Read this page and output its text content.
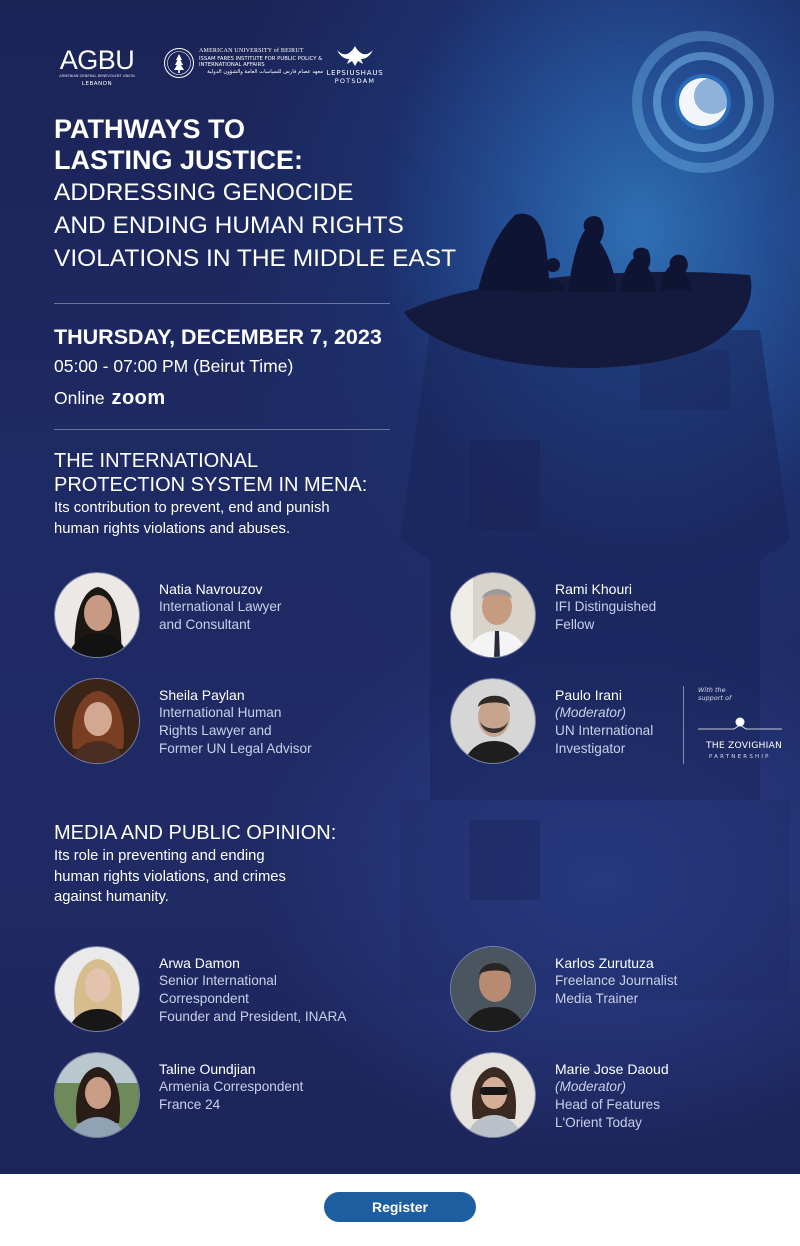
AGBU
ARMENIAN GENERAL BENEVOLENT UNION
LEBANON
AMERICAN UNIVERSITY of BEIRUT
ISSAM FARES INSTITUTE FOR PUBLIC POLICY & INTERNATIONAL AFFAIRS
معهد عصام فارس للسياسات العامة والشؤون الدولية LEPSIUSHAUS
POTSDAM
PATHWAYS TO
LASTING JUSTICE:
ADDRESSING GENOCIDE
AND ENDING HUMAN RIGHTS
VIOLATIONS IN THE MIDDLE EAST
THURSDAY, DECEMBER 7, 2023
05:00 - 07:00 PM (Beirut Time)
Online zoom
THE INTERNATIONAL
PROTECTION SYSTEM IN MENA:
Its contribution to prevent, end and punish
human rights violations and abuses.
Natia Navrouzov
International Lawyer
and Consultant
Rami Khouri
IFI Distinguished
Fellow
Sheila Paylan
International Human
Rights Lawyer and
Former UN Legal Advisor
Paulo Irani
(Moderator)
UN International
Investigator
With the
support of
THE ZOVIGHIAN
PARTNERSHIP
MEDIA AND PUBLIC OPINION:
Its role in preventing and ending
human rights violations, and crimes
against humanity.
Arwa Damon
Senior International
Correspondent
Founder and President, INARA
Karlos Zurutuza
Freelance Journalist
Media Trainer
Taline Oundjian
Armenia Correspondent
France 24
Marie Jose Daoud
(Moderator)
Head of Features
L'Orient Today
Register
